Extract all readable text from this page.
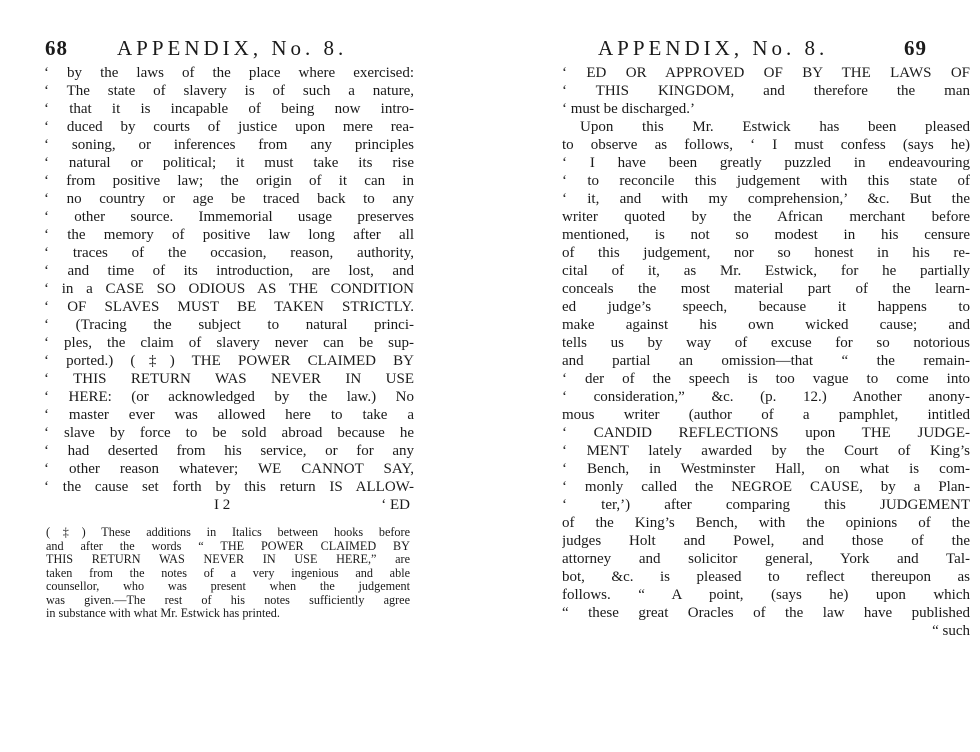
68 APPENDIX, No. 8.
‘ by the laws of the place where exercised:
‘ The state of slavery is of such a nature,
‘ that it is incapable of being now intro-
‘ duced by courts of justice upon mere rea-
‘ soning, or inferences from any principles
‘ natural or political; it must take its rise
‘ from positive law; the origin of it can in
‘ no country or age be traced back to any
‘ other source. Immemorial usage preserves
‘ the memory of positive law long after all
‘ traces of the occasion, reason, authority,
‘ and time of its introduction, are lost, and
‘ in a CASE SO ODIOUS AS THE CONDITION
‘ OF SLAVES MUST BE TAKEN STRICTLY.
‘ (Tracing the subject to natural princi-
‘ ples, the claim of slavery never can be sup-
‘ ported.) (‡) THE POWER CLAIMED BY
‘ THIS RETURN WAS NEVER IN USE
‘ HERE: (or acknowledged by the law.) No
‘ master ever was allowed here to take a
‘ slave by force to be sold abroad because he
‘ had deserted from his service, or for any
‘ other reason whatever; WE CANNOT SAY,
‘ the cause set forth by this return IS ALLOW-
I 2	‘ ED
(‡) These additions in Italics between hooks before
and after the words “ THE POWER CLAIMED BY
THIS RETURN WAS NEVER IN USE HERE,” are
taken from the notes of a very ingenious and able
counsellor, who was present when the judgement
was given.—The rest of his notes sufficiently agree
in substance with what Mr. Estwick has printed.
APPENDIX, No. 8.	69
‘ ED OR APPROVED OF BY THE LAWS OF
‘ THIS KINGDOM, and therefore the man
‘ must be discharged.’
Upon this Mr. Estwick has been pleased
to observe as follows, ‘ I must confess (says he)
‘ I have been greatly puzzled in endeavouring
‘ to reconcile this judgement with this state of
‘ it, and with my comprehension,’ &c. But the
writer quoted by the African merchant before
mentioned, is not so modest in his censure
of this judgement, nor so honest in his re-
cital of it, as Mr. Estwick, for he partially
conceals the most material part of the learn-
ed judge’s speech, because it happens to
make against his own wicked cause; and
tells us by way of excuse for so notorious
and partial an omission—that “ the remain-
‘ der of the speech is too vague to come into
‘ consideration,” &c. (p. 12.) Another anony-
mous writer (author of a pamphlet, intitled
‘ CANDID REFLECTIONS upon THE JUDGE-
‘ MENT lately awarded by the Court of King’s
‘ Bench, in Westminster Hall, on what is com-
‘ monly called the NEGROE CAUSE, by a Plan-
‘ ter,’) after comparing this JUDGEMENT
of the King’s Bench, with the opinions of the
judges Holt and Powel, and those of the
attorney and solicitor general, York and Tal-
bot, &c. is pleased to reflect thereupon as
follows. “ A point, (says he) upon which
“ these great Oracles of the law have published
“ such
